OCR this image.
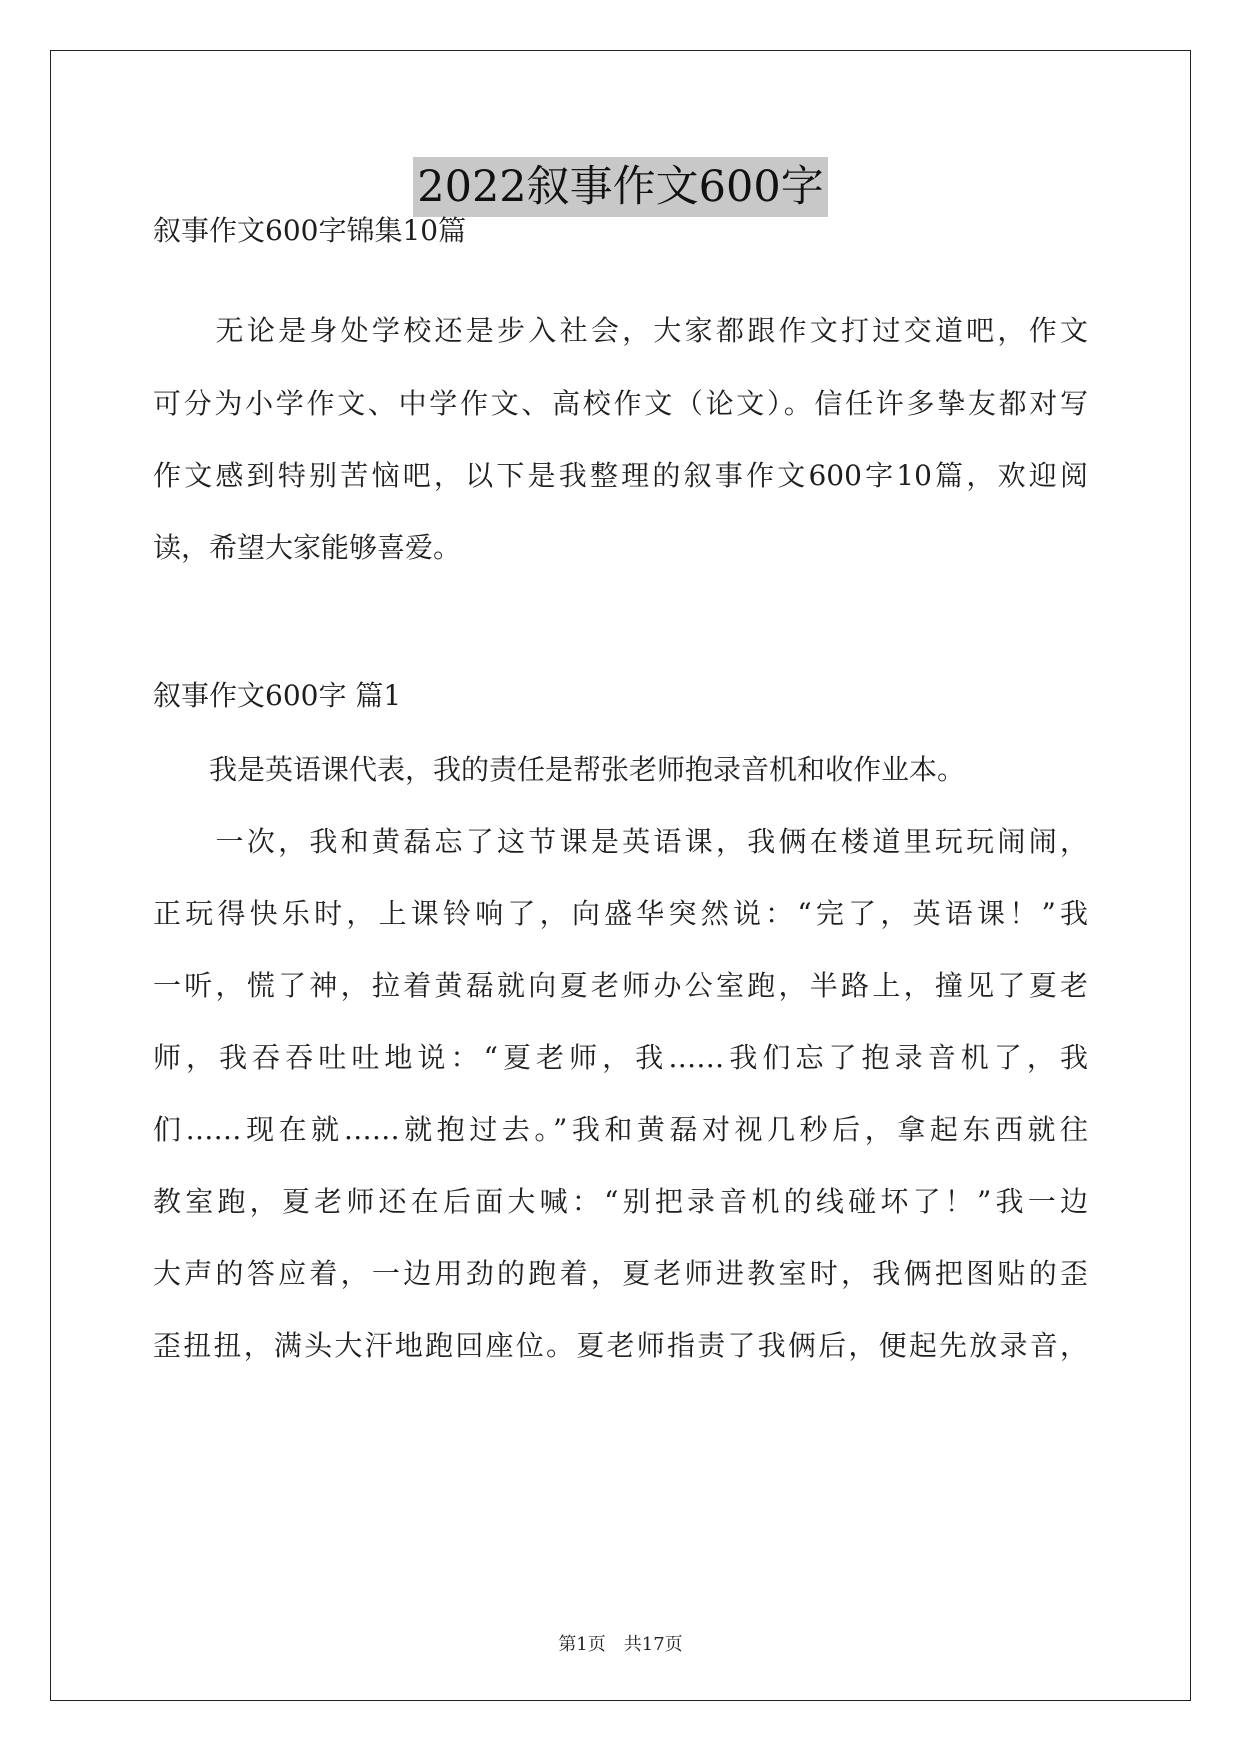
2022叙事作文600字
叙事作文600字锦集10篇
　　无论是身处学校还是步入社会，大家都跟作文打过交道吧，作文
可分为小学作文、中学作文、高校作文（论文）。信任许多挚友都对写
作文感到特别苦恼吧，以下是我整理的叙事作文600字10篇，欢迎阅
读，希望大家能够喜爱。
叙事作文600字 篇1
　　我是英语课代表，我的责任是帮张老师抱录音机和收作业本。
　　一次，我和黄磊忘了这节课是英语课，我俩在楼道里玩玩闹闹，
正玩得快乐时，上课铃响了，向盛华突然说：“完了，英语课！”我
一听，慌了神，拉着黄磊就向夏老师办公室跑，半路上，撞见了夏老
师，我吞吞吐吐地说：“夏老师，我……我们忘了抱录音机了，我
们……现在就……就抱过去。”我和黄磊对视几秒后，拿起东西就往
教室跑，夏老师还在后面大喊：“别把录音机的线碰坏了！”我一边
大声的答应着，一边用劲的跑着，夏老师进教室时，我俩把图贴的歪
歪扭扭，满头大汗地跑回座位。夏老师指责了我俩后，便起先放录音，
第1页　共17页
